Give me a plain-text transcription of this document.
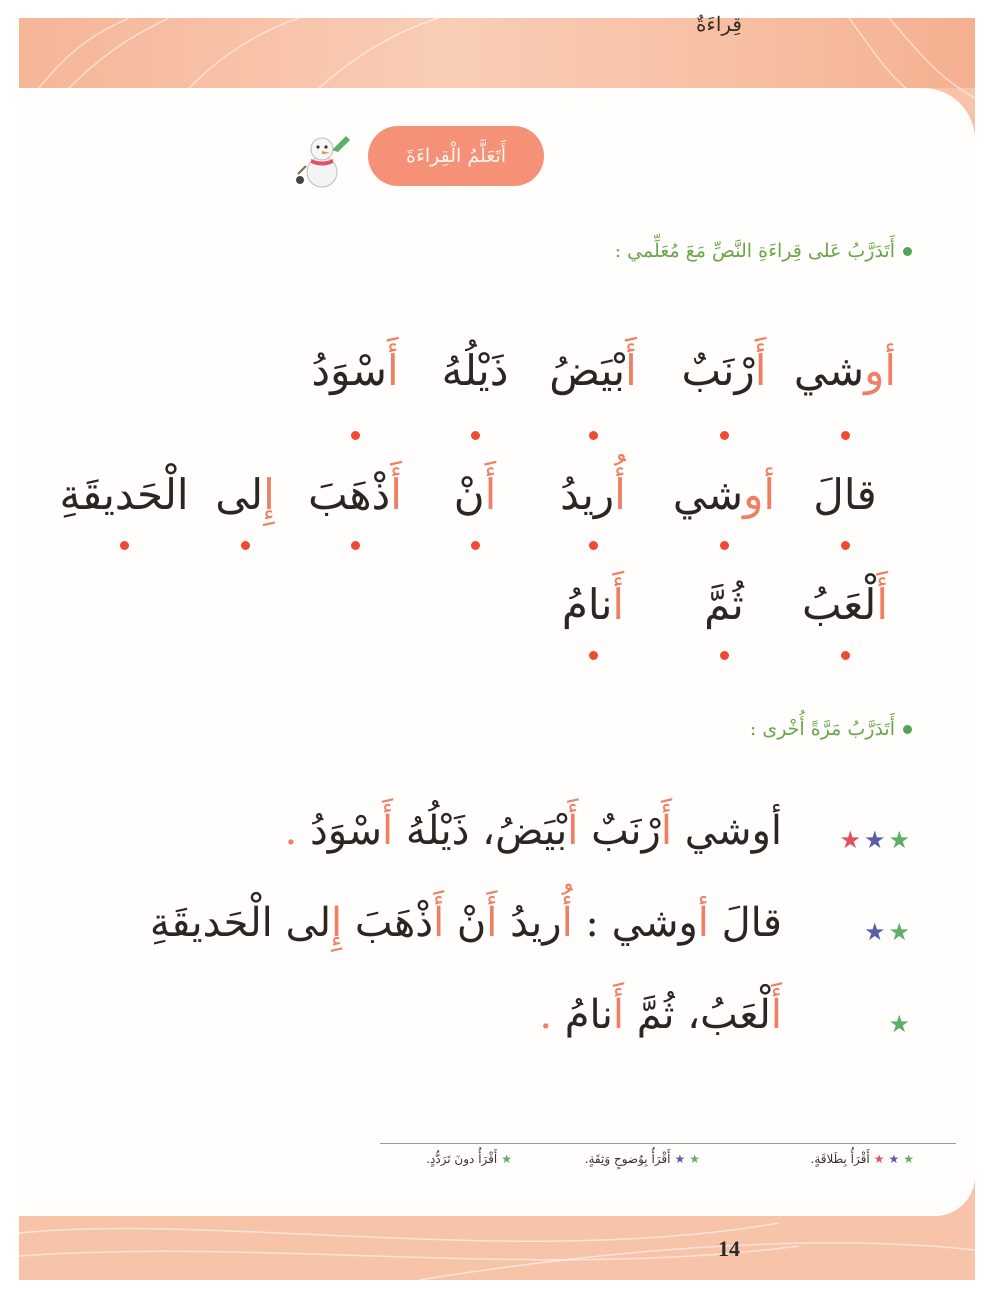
قِراءَةٌ
أَتَعَلَّمُ الْقِراءَةَ
أَتَدَرَّبُ عَلى قِراءَةِ النَّصِّ مَعَ مُعَلِّمي :
أوشي
أَرْنَبٌ
أَبْيَضُ
ذَيْلُهُ
أَسْوَدُ
قالَ
أوشي
أُريدُ
أَنْ
أَذْهَبَ
إِلى
الْحَديقَةِ
أَلْعَبُ
ثُمَّ
أَنامُ
أَتَدَرَّبُ مَرَّةً أُخْرى :
أوشي أَرْنَبٌ أَبْيَضُ، ذَيْلُهُ أَسْوَدُ .	★ ★ ★
قالَ أوشي : أُريدُ أَنْ أَذْهَبَ إِلى الْحَديقَةِ	★ ★
أَلْعَبُ، ثُمَّ أَنامُ .	★
★
★
★
أَقْرَأُ بِطَلاقَةٍ.
★
★
أَقْرَأُ بِوُضوحٍ وَثِقَةٍ.
★
أَقْرَأُ دونَ تَرَدُّدٍ.
14
